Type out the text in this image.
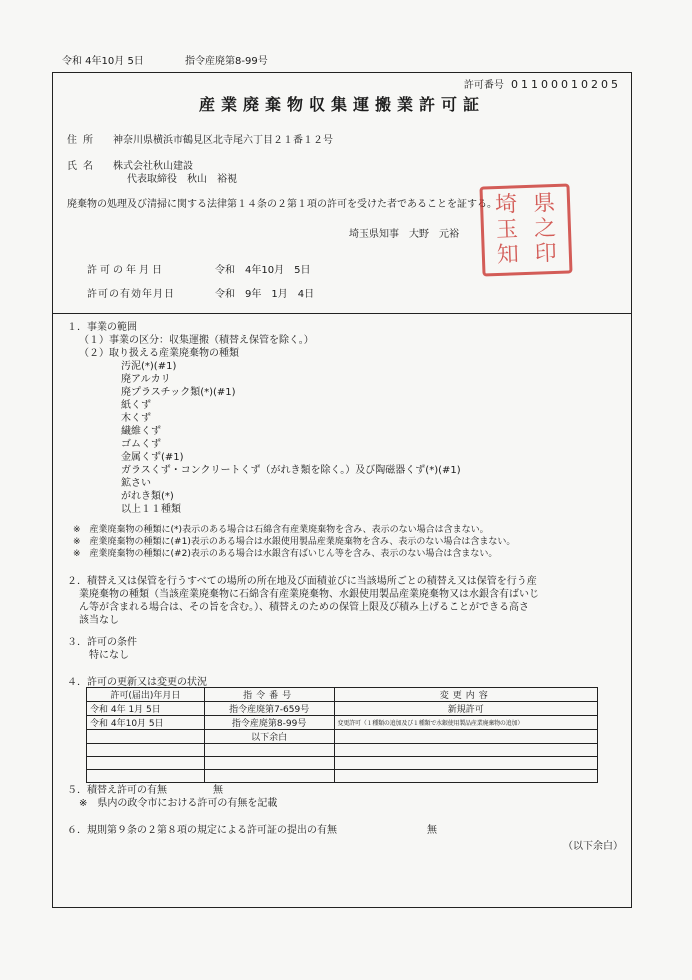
令和 4年10月 5日	指令産廃第8-99号
許可番号 01100010205
産業廃棄物収集運搬業許可証
住所 神奈川県横浜市鶴見区北寺尾六丁目２１番１２号
氏名 株式会社秋山建設
代表取締役　秋山　裕視
廃棄物の処理及び清掃に関する法律第１４条の２第１項の許可を受けた者であることを証する。
埼玉県知事　大野　元裕
許可の年月日	令和　4年10月　5日
許可の有効年月日	令和　9年　1月　4日
１．事業の範囲
（１）事業の区分：収集運搬（積替え保管を除く。）
（２）取り扱える産業廃棄物の種類
汚泥(*)(#1)
廃アルカリ
廃プラスチック類(*)(#1)
紙くず
木くず
繊維くず
ゴムくず
金属くず(#1)
ガラスくず・コンクリートくず（がれき類を除く。）及び陶磁器くず(*)(#1)
鉱さい
がれき類(*)
以上１１種類
※　産業廃棄物の種類に(*)表示のある場合は石綿含有産業廃棄物を含み、表示のない場合は含まない。
※　産業廃棄物の種類に(#1)表示のある場合は水銀使用製品産業廃棄物を含み、表示のない場合は含まない。
※　産業廃棄物の種類に(#2)表示のある場合は水銀含有ばいじん等を含み、表示のない場合は含まない。
２．積替え又は保管を行うすべての場所の所在地及び面積並びに当該場所ごとの積替え又は保管を行う産
業廃棄物の種類（当該産業廃棄物に石綿含有産業廃棄物、水銀使用製品産業廃棄物又は水銀含有ばいじ
ん等が含まれる場合は、その旨を含む。）、積替えのための保管上限及び積み上げることができる高さ
該当なし
３．許可の条件
特になし
４．許可の更新又は変更の状況
許可(届出)年月日	指令番号	変更内容
令和 4年 1月 5日	指令産廃第7-659号	新規許可
令和 4年10月 5日	指令産廃第8-99号	変更許可（１種類の追加及び１種類で水銀使用製品産業廃棄物の追加）
	以下余白	

５．積替え許可の有無	無
※　県内の政令市における許可の有無を記載
６．規則第９条の２第８項の規定による許可証の提出の有無	無
（以下余白）
埼 県
玉 之
知 印
